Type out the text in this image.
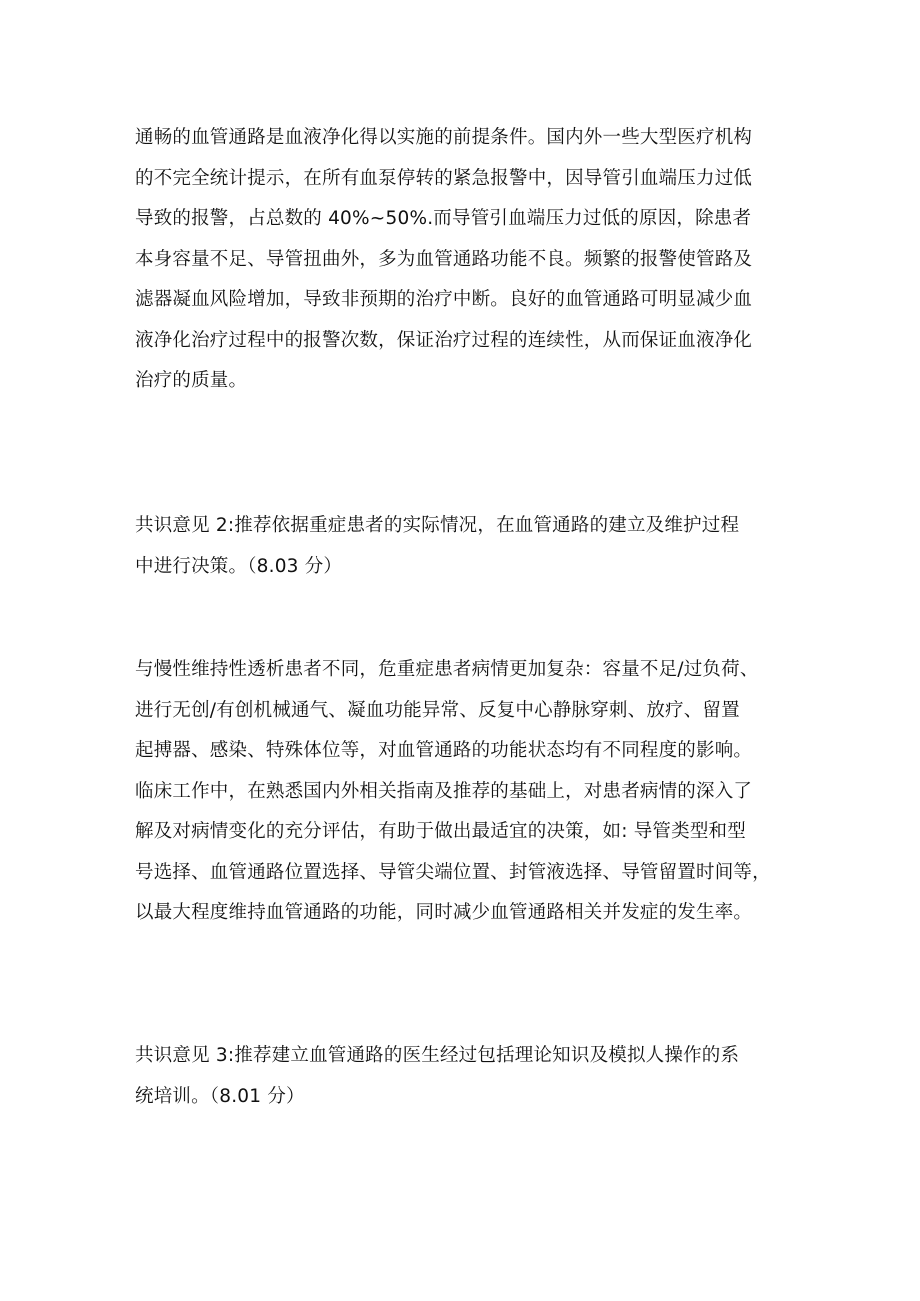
通畅的血管通路是血液净化得以实施的前提条件。国内外一些大型医疗机构
的不完全统计提示，在所有血泵停转的紧急报警中，因导管引血端压力过低
导致的报警，占总数的 40%~50%.而导管引血端压力过低的原因，除患者
本身容量不足、导管扭曲外，多为血管通路功能不良。频繁的报警使管路及
滤器凝血风险增加，导致非预期的治疗中断。良好的血管通路可明显减少血
液净化治疗过程中的报警次数，保证治疗过程的连续性，从而保证血液净化
治疗的质量。

共识意见 2:推荐依据重症患者的实际情况，在血管通路的建立及维护过程
中进行决策。（8.03 分）

与慢性维持性透析患者不同，危重症患者病情更加复杂：容量不足/过负荷、
进行无创/有创机械通气、凝血功能异常、反复中心静脉穿刺、放疗、留置
起搏器、感染、特殊体位等，对血管通路的功能状态均有不同程度的影响。
临床工作中，在熟悉国内外相关指南及推荐的基础上，对患者病情的深入了
解及对病情变化的充分评估，有助于做出最适宜的决策，如: 导管类型和型
号选择、血管通路位置选择、导管尖端位置、封管液选择、导管留置时间等，
以最大程度维持血管通路的功能，同时减少血管通路相关并发症的发生率。

共识意见 3:推荐建立血管通路的医生经过包括理论知识及模拟人操作的系
统培训。（8.01 分）
